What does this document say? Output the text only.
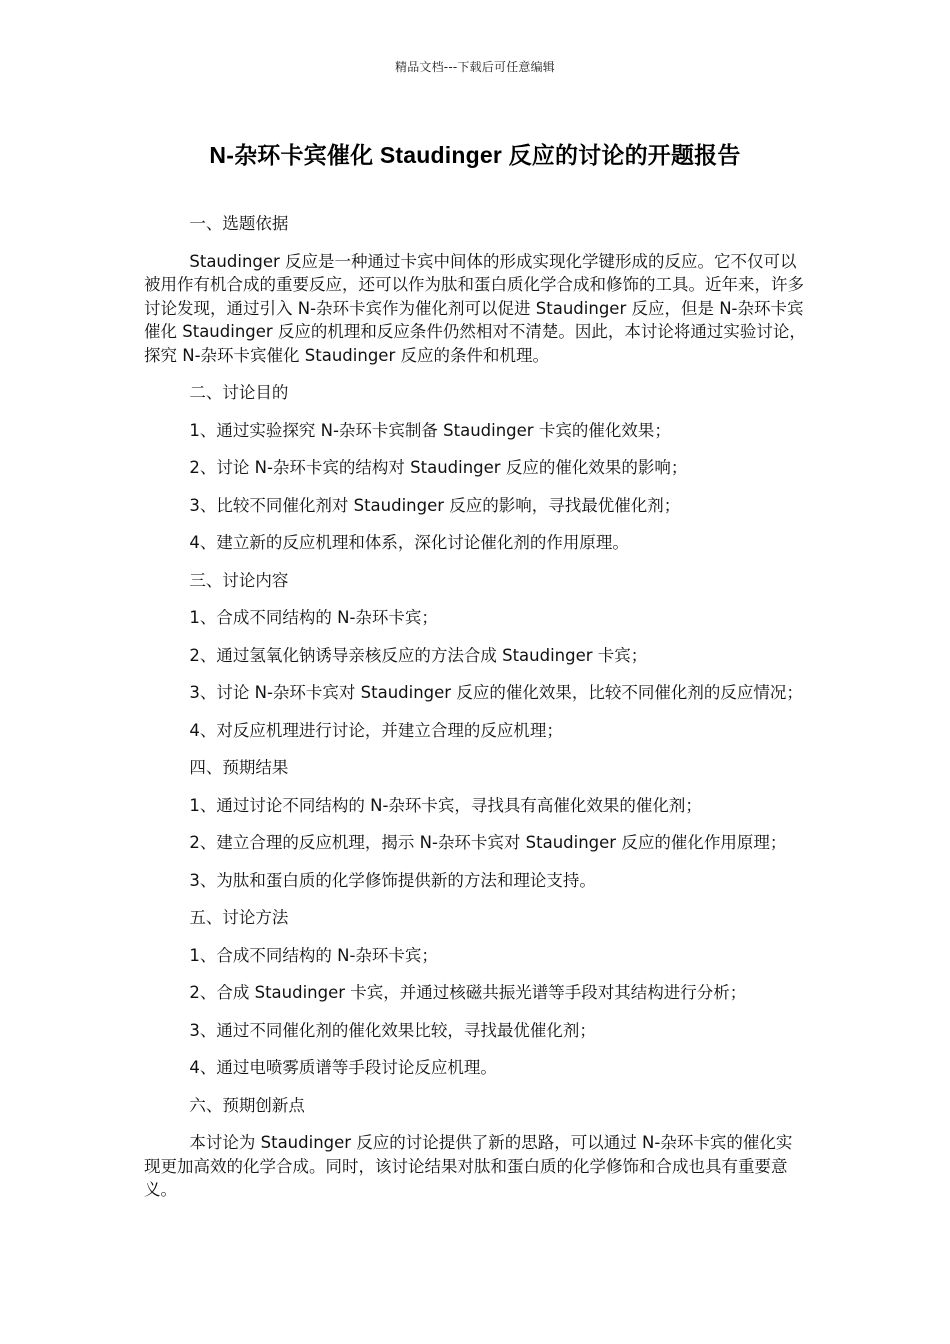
精品文档---下载后可任意编辑
N-杂环卡宾催化 Staudinger 反应的讨论的开题报告
一、选题依据
Staudinger 反应是一种通过卡宾中间体的形成实现化学键形成的反应。它不仅可以被用作有机合成的重要反应，还可以作为肽和蛋白质化学合成和修饰的工具。近年来，许多讨论发现，通过引入 N-杂环卡宾作为催化剂可以促进 Staudinger 反应，但是 N-杂环卡宾催化 Staudinger 反应的机理和反应条件仍然相对不清楚。因此，本讨论将通过实验讨论，探究 N-杂环卡宾催化 Staudinger 反应的条件和机理。
二、讨论目的
1、通过实验探究 N-杂环卡宾制备 Staudinger 卡宾的催化效果；
2、讨论 N-杂环卡宾的结构对 Staudinger 反应的催化效果的影响；
3、比较不同催化剂对 Staudinger 反应的影响，寻找最优催化剂；
4、建立新的反应机理和体系，深化讨论催化剂的作用原理。
三、讨论内容
1、合成不同结构的 N-杂环卡宾；
2、通过氢氧化钠诱导亲核反应的方法合成 Staudinger 卡宾；
3、讨论 N-杂环卡宾对 Staudinger 反应的催化效果，比较不同催化剂的反应情况；
4、对反应机理进行讨论，并建立合理的反应机理；
四、预期结果
1、通过讨论不同结构的 N-杂环卡宾，寻找具有高催化效果的催化剂；
2、建立合理的反应机理，揭示 N-杂环卡宾对 Staudinger 反应的催化作用原理；
3、为肽和蛋白质的化学修饰提供新的方法和理论支持。
五、讨论方法
1、合成不同结构的 N-杂环卡宾；
2、合成 Staudinger 卡宾，并通过核磁共振光谱等手段对其结构进行分析；
3、通过不同催化剂的催化效果比较，寻找最优催化剂；
4、通过电喷雾质谱等手段讨论反应机理。
六、预期创新点
本讨论为 Staudinger 反应的讨论提供了新的思路，可以通过 N-杂环卡宾的催化实现更加高效的化学合成。同时，该讨论结果对肽和蛋白质的化学修饰和合成也具有重要意义。
